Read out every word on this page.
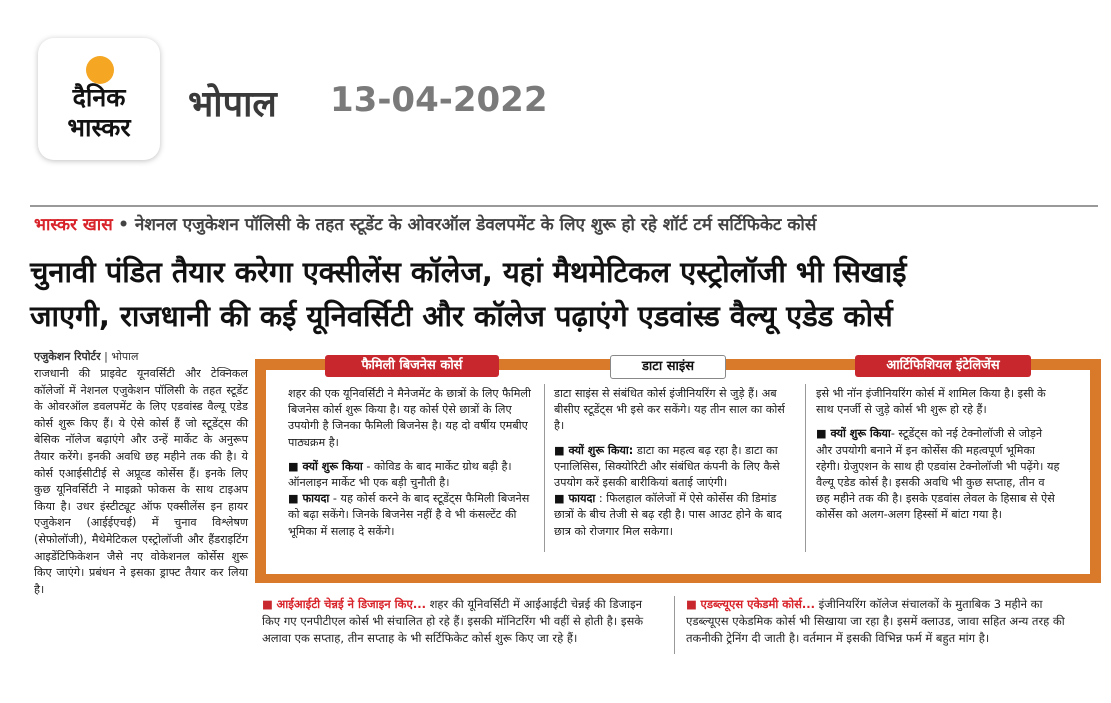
दैनिक
भास्कर
भोपाल 13-04-2022
भास्कर खास • नेशनल एजुकेशन पॉलिसी के तहत स्टूडेंट के ओवरऑल डेवलपमेंट के लिए शुरू हो रहे शॉर्ट टर्म सर्टिफिकेट कोर्स
चुनावी पंडित तैयार करेगा एक्सीलेंस कॉलेज, यहां मैथमेटिकल एस्ट्रोलॉजी भी सिखाई
जाएगी, राजधानी की कई यूनिवर्सिटी और कॉलेज पढ़ाएंगे एडवांस्ड वैल्यू एडेड कोर्स
एजुकेशन रिपोर्टर | भोपाल
राजधानी की प्राइवेट यूनवर्सिटी और टेक्निकल कॉलेजों में नेशनल एजुकेशन पॉलिसी के तहत स्टूडेंट के ओवरऑल डवलपमेंट के लिए एडवांस्ड वैल्यू एडेड कोर्स शुरू किए हैं। ये ऐसे कोर्स हैं जो स्टूडेंट्स की बेसिक नॉलेज बढ़ाएंगे और उन्हें मार्केट के अनुरूप तैयार करेंगे। इनकी अवधि छह महीने तक की है। ये कोर्स एआईसीटीई से अप्रूव्ड कोर्सेस हैं। इनके लिए कुछ यूनिवर्सिटी ने माइक्रो फोकस के साथ टाइअप किया है। उधर इंस्टीट्यूट ऑफ एक्सीलेंस इन हायर एजुकेशन (आईईएचई) में चुनाव विश्लेषण (सेफोलॉजी), मैथेमेटिकल एस्ट्रोलॉजी और हैंडराइटिंग आइडेंटिफिकेशन जैसे नए वोकेशनल कोर्सेस शुरू किए जाएंगे। प्रबंधन ने इसका ड्राफ्ट तैयार कर लिया है।
फैमिली बिजनेस कोर्स	डाटा साइंस	आर्टिफिशियल इंटेलिजेंस
शहर की एक यूनिवर्सिटी ने मैनेजमेंट के छात्रों के लिए फैमिली बिजनेस कोर्स शुरू किया है। यह कोर्स ऐसे छात्रों के लिए उपयोगी है जिनका फैमिली बिजनेस है। यह दो वर्षीय एमबीए पाठ्यक्रम है।
■ क्यों शुरू किया - कोविड के बाद मार्केट ग्रोथ बढ़ी है। ऑनलाइन मार्केट भी एक बड़ी चुनौती है।
■ फायदा - यह कोर्स करने के बाद स्टूडेंट्स फैमिली बिजनेस को बढ़ा सकेंगे। जिनके बिजनेस नहीं है वे भी कंसल्टेंट की भूमिका में सलाह दे सकेंगे।
डाटा साइंस से संबंधित कोर्स इंजीनियरिंग से जुड़े हैं। अब बीसीए स्टूडेंट्स भी इसे कर सकेंगे। यह तीन साल का कोर्स है।
■ क्यों शुरू किया: डाटा का महत्व बढ़ रहा है। डाटा का एनालिसिस, सिक्योरिटी और संबंधित कंपनी के लिए कैसे उपयोग करें इसकी बारीकियां बताई जाएंगी।
■ फायदा : फिलहाल कॉलेजों में ऐसे कोर्सेस की डिमांड छात्रों के बीच तेजी से बढ़ रही है। पास आउट होने के बाद छात्र को रोजगार मिल सकेगा।
इसे भी नॉन इंजीनियरिंग कोर्स में शामिल किया है। इसी के साथ एनर्जी से जुड़े कोर्स भी शुरू हो रहे हैं।
■ क्यों शुरू किया- स्टूडेंट्स को नई टेक्नोलॉजी से जोड़ने और उपयोगी बनाने में इन कोर्सेस की महत्वपूर्ण भूमिका रहेगी। ग्रेजुएशन के साथ ही एडवांस टेक्नोलॉजी भी पढ़ेंगे। यह वैल्यू एडेड कोर्स है। इसकी अवधि भी कुछ सप्ताह, तीन व छह महीने तक की है। इसके एडवांस लेवल के हिसाब से ऐसे कोर्सेस को अलग-अलग हिस्सों में बांटा गया है।
■ आईआईटी चेन्नई ने डिजाइन किए... शहर की यूनिवर्सिटी में आईआईटी चेन्नई की डिजाइन किए गए एनपीटीएल कोर्स भी संचालित हो रहे हैं। इसकी मॉनिटरिंग भी वहीं से होती है। इसके अलावा एक सप्ताह, तीन सप्ताह के भी सर्टिफिकेट कोर्स शुरू किए जा रहे हैं।
■ एडब्ल्यूएस एकेडमी कोर्स... इंजीनियरिंग कॉलेज संचालकों के मुताबिक 3 महीने का एडब्ल्यूएस एकेडमिक कोर्स भी सिखाया जा रहा है। इसमें क्लाउड, जावा सहित अन्य तरह की तकनीकी ट्रेनिंग दी जाती है। वर्तमान में इसकी विभिन्न फर्म में बहुत मांग है।
